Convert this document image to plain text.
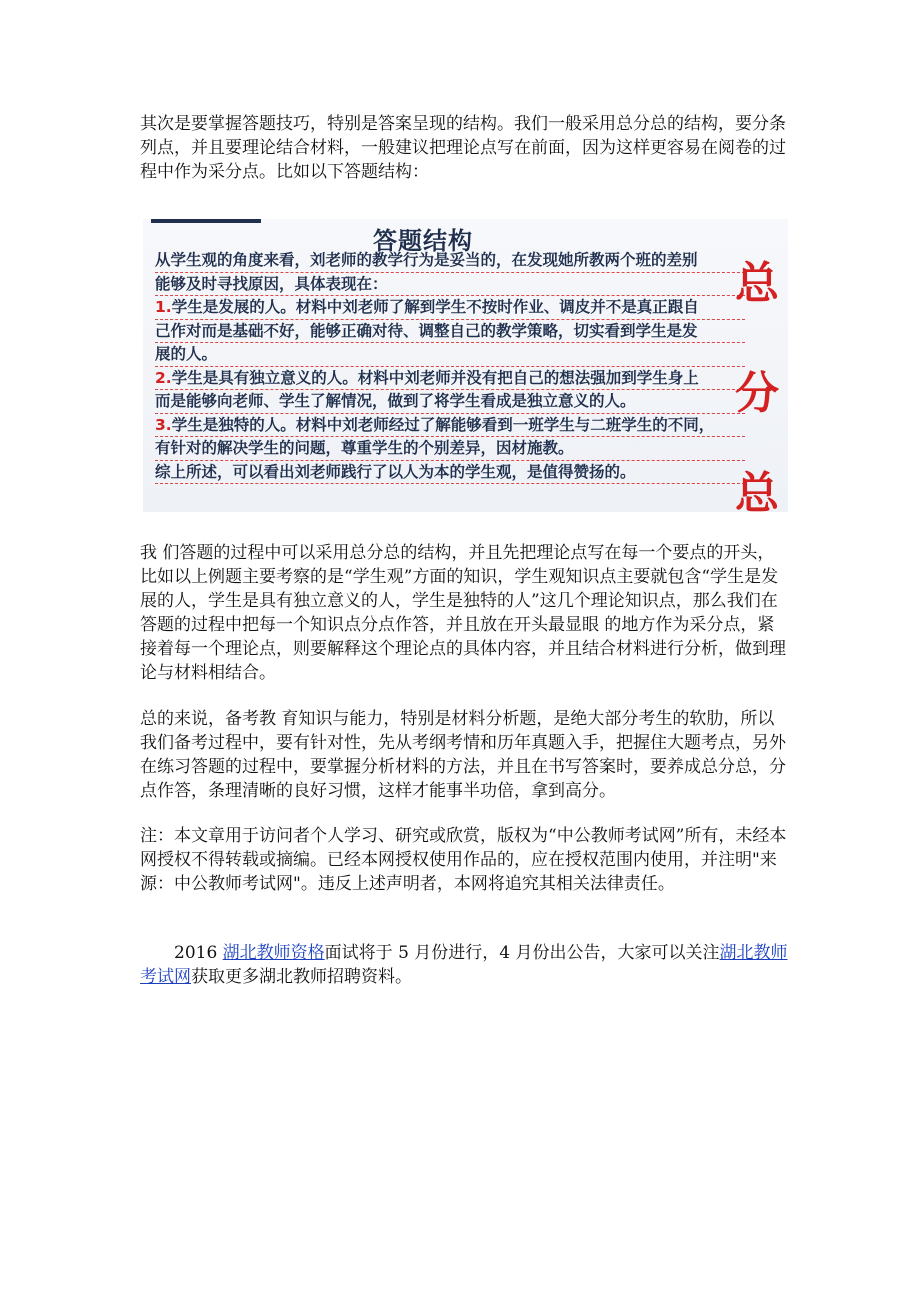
其次是要掌握答题技巧，特别是答案呈现的结构。我们一般采用总分总的结构，要分条列点，并且要理论结合材料，一般建议把理论点写在前面，因为这样更容易在阅卷的过程中作为采分点。比如以下答题结构：

答题结构

从学生观的角度来看，刘老师的教学行为是妥当的，在发现她所教两个班的差别

能够及时寻找原因，具体表现在：

1.学生是发展的人。材料中刘老师了解到学生不按时作业、调皮并不是真正跟自

己作对而是基础不好，能够正确对待、调整自己的教学策略，切实看到学生是发

展的人。

2.学生是具有独立意义的人。材料中刘老师并没有把自己的想法强加到学生身上

而是能够向老师、学生了解情况，做到了将学生看成是独立意义的人。

3.学生是独特的人。材料中刘老师经过了解能够看到一班学生与二班学生的不同，

有针对的解决学生的问题，尊重学生的个别差异，因材施教。

综上所述，可以看出刘老师践行了以人为本的学生观，是值得赞扬的。

总
分
总

我 们答题的过程中可以采用总分总的结构，并且先把理论点写在每一个要点的开头，比如以上例题主要考察的是“学生观”方面的知识，学生观知识点主要就包含“学生是发展的人，学生是具有独立意义的人，学生是独特的人”这几个理论知识点，那么我们在答题的过程中把每一个知识点分点作答，并且放在开头最显眼 的地方作为采分点，紧接着每一个理论点，则要解释这个理论点的具体内容，并且结合材料进行分析，做到理论与材料相结合。

总的来说，备考教 育知识与能力，特别是材料分析题，是绝大部分考生的软肋，所以我们备考过程中，要有针对性，先从考纲考情和历年真题入手，把握住大题考点，另外在练习答题的过程中，要掌握分析材料的方法，并且在书写答案时，要养成总分总，分点作答，条理清晰的良好习惯，这样才能事半功倍，拿到高分。

注：本文章用于访问者个人学习、研究或欣赏，版权为“中公教师考试网”所有，未经本网授权不得转载或摘编。已经本网授权使用作品的，应在授权范围内使用，并注明"来源：中公教师考试网"。违反上述声明者，本网将追究其相关法律责任。

2016 湖北教师资格面试将于 5 月份进行，4 月份出公告，大家可以关注湖北教师考试网获取更多湖北教师招聘资料。
